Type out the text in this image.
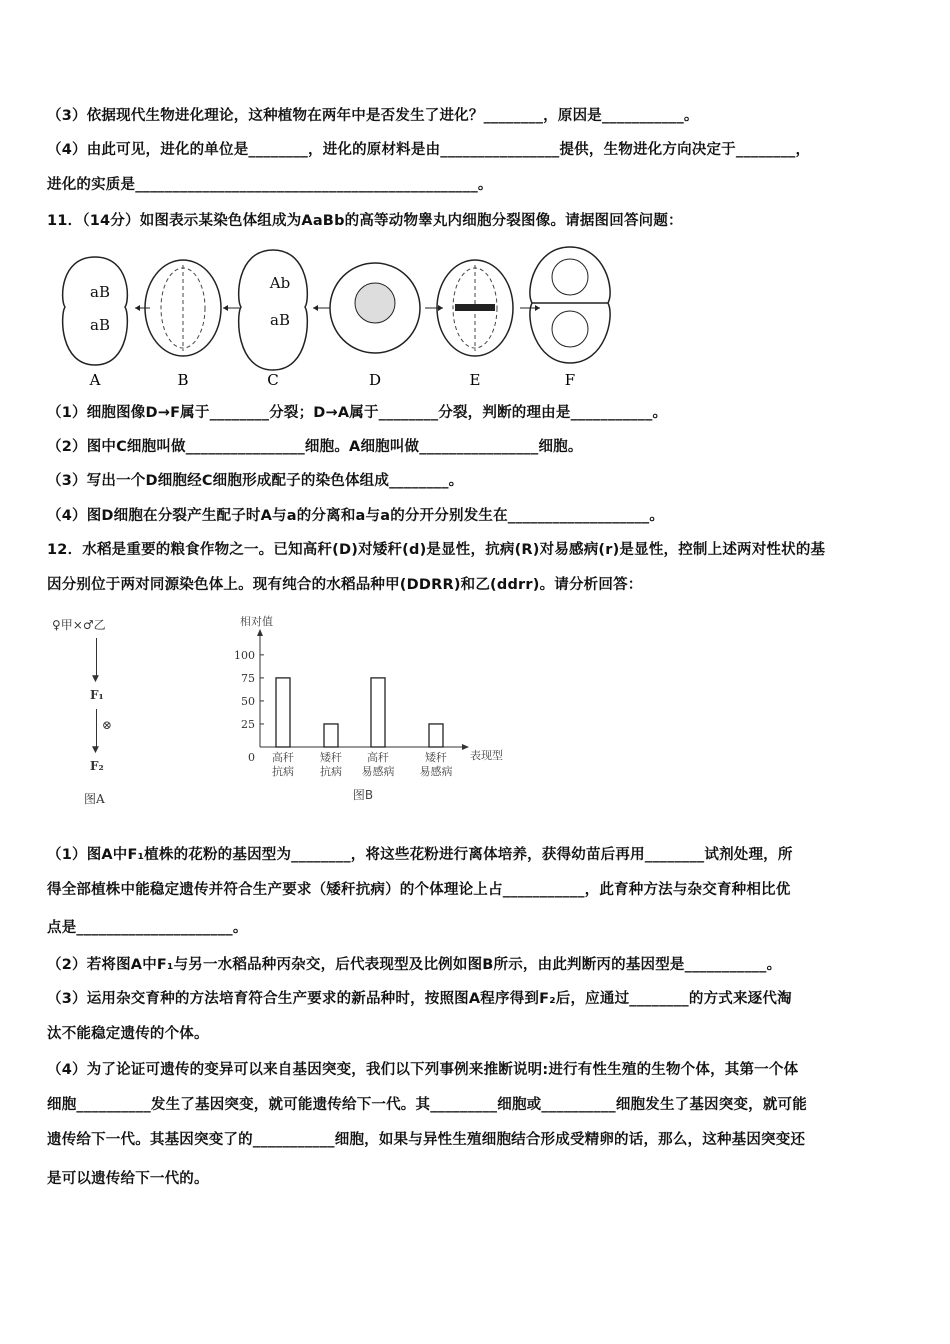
（3）依据现代生物进化理论，这种植物在两年中是否发生了进化？________，原因是___________。
（4）由此可见，进化的单位是________，进化的原材料是由________________提供，生物进化方向决定于________，
进化的实质是______________________________________________。
11．（14分）如图表示某染色体组成为AaBb的高等动物睾丸内细胞分裂图像。请据图回答问题：
aB
aB
Ab
aB
A	B	C	D	E	F
（1）细胞图像D→F属于________分裂；D→A属于________分裂，判断的理由是___________。
（2）图中C细胞叫做________________细胞。A细胞叫做________________细胞。
（3）写出一个D细胞经C细胞形成配子的染色体组成________。
（4）图D细胞在分裂产生配子时A与a的分离和a与a的分开分别发生在___________________。
12．水稻是重要的粮食作物之一。已知高秆(D)对矮秆(d)是显性，抗病(R)对易感病(r)是显性，控制上述两对性状的基
因分别位于两对同源染色体上。现有纯合的水稻品种甲(DDRR)和乙(ddrr)。请分析回答：
♀甲×♂乙
▼
F₁
▼
⊗
F₂
图A
相对值
表现型
0
25
50
75
100
高秆
抗病
矮秆
抗病
高秆
易感病
矮秆
易感病
图B
（1）图A中F₁植株的花粉的基因型为________，将这些花粉进行离体培养，获得幼苗后再用________试剂处理，所
得全部植株中能稳定遗传并符合生产要求（矮秆抗病）的个体理论上占___________，此育种方法与杂交育种相比优
点是_____________________。
（2）若将图A中F₁与另一水稻品种丙杂交，后代表现型及比例如图B所示，由此判断丙的基因型是___________。
（3）运用杂交育种的方法培育符合生产要求的新品种时，按照图A程序得到F₂后，应通过________的方式来逐代淘
汰不能稳定遗传的个体。
（4）为了论证可遗传的变异可以来自基因突变，我们以下列事例来推断说明:进行有性生殖的生物个体，其第一个体
细胞__________发生了基因突变，就可能遗传给下一代。其_________细胞或__________细胞发生了基因突变，就可能
遗传给下一代。其基因突变了的___________细胞，如果与异性生殖细胞结合形成受精卵的话，那么，这种基因突变还
是可以遗传给下一代的。
